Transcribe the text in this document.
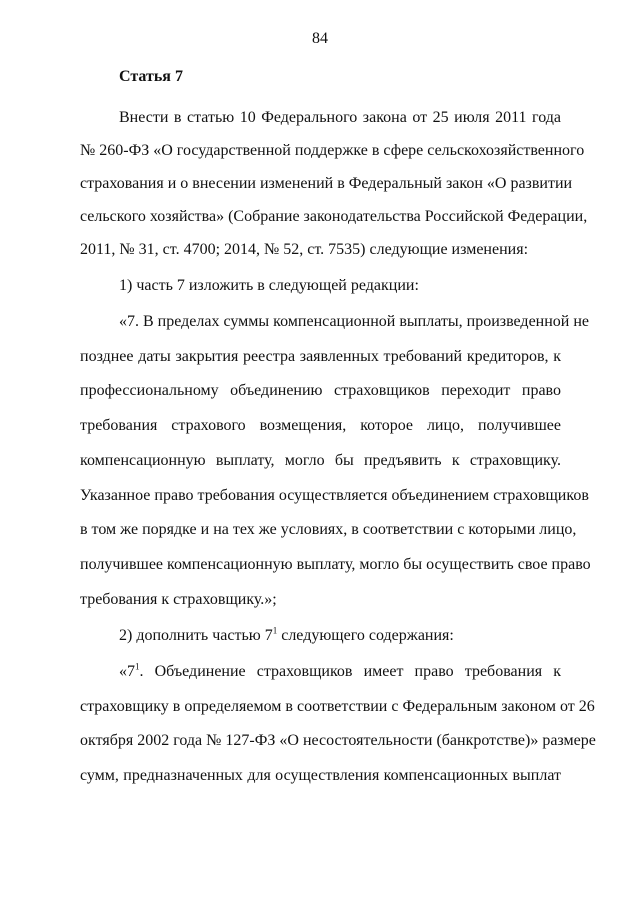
84
Статья 7
Внести в статью 10 Федерального закона от 25 июля 2011 года
№ 260-ФЗ «О государственной поддержке в сфере сельскохозяйственного
страхования и о внесении изменений в Федеральный закон «О развитии
сельского хозяйства» (Собрание законодательства Российской Федерации,
2011, № 31, ст. 4700; 2014, № 52, ст. 7535) следующие изменения:
1) часть 7 изложить в следующей редакции:
«7. В пределах суммы компенсационной выплаты, произведенной не
позднее даты закрытия реестра заявленных требований кредиторов, к
профессиональному объединению страховщиков переходит право
требования страхового возмещения, которое лицо, получившее
компенсационную выплату, могло бы предъявить к страховщику.
Указанное право требования осуществляется объединением страховщиков
в том же порядке и на тех же условиях, в соответствии с которыми лицо,
получившее компенсационную выплату, могло бы осуществить свое право
требования к страховщику.»;
2) дополнить частью $7^1$ следующего содержания:
«$7^1$. Объединение страховщиков имеет право требования к
страховщику в определяемом в соответствии с Федеральным законом от 26
октября 2002 года № 127-ФЗ «О несостоятельности (банкротстве)» размере
сумм, предназначенных для осуществления компенсационных выплат
